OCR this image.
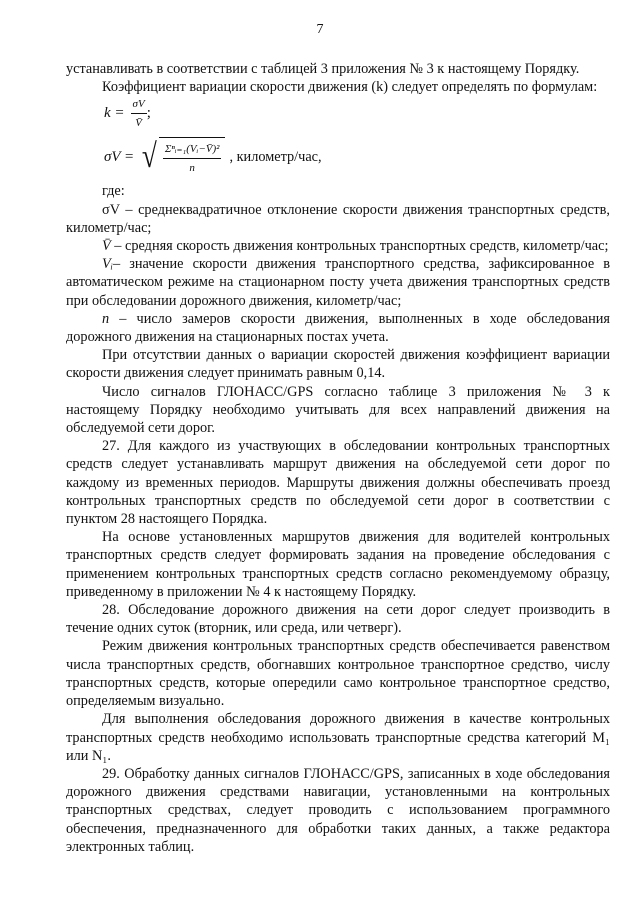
7

устанавливать в соответствии с таблицей 3 приложения № 3 к настоящему Порядку.

Коэффициент вариации скорости движения (k) следует определять по формулам:

$k = \frac{\sigma V}{V̄}$ ;
σV = √ $\frac{\text{Σⁿᵢ₌₁(Vᵢ−V̄)²}}{n}$ , километр/час,

где:

σV – среднеквадратичное отклонение скорости движения транспортных средств, километр/час;

V̄ – средняя скорость движения контрольных транспортных средств, километр/час;

Vᵢ– значение скорости движения транспортного средства, зафиксированное в автоматическом режиме на стационарном посту учета движения транспортных средств при обследовании дорожного движения, километр/час;

n – число замеров скорости движения, выполненных в ходе обследования дорожного движения на стационарных постах учета.

При отсутствии данных о вариации скоростей движения коэффициент вариации скорости движения следует принимать равным 0,14.

Число сигналов ГЛОНАСС/GPS согласно таблице 3 приложения № 3 к настоящему Порядку необходимо учитывать для всех направлений движения на обследуемой сети дорог.

27. Для каждого из участвующих в обследовании контрольных транспортных средств следует устанавливать маршрут движения на обследуемой сети дорог по каждому из временных периодов. Маршруты движения должны обеспечивать проезд контрольных транспортных средств по обследуемой сети дорог в соответствии с пунктом 28 настоящего Порядка.

На основе установленных маршрутов движения для водителей контрольных транспортных средств следует формировать задания на проведение обследования с применением контрольных транспортных средств согласно рекомендуемому образцу, приведенному в приложении № 4 к настоящему Порядку.

28. Обследование дорожного движения на сети дорог следует производить в течение одних суток (вторник, или среда, или четверг).

Режим движения контрольных транспортных средств обеспечивается равенством числа транспортных средств, обогнавших контрольное транспортное средство, числу транспортных средств, которые опередили само контрольное транспортное средство, определяемым визуально.

Для выполнения обследования дорожного движения в качестве контрольных транспортных средств необходимо использовать транспортные средства категорий M₁ или N₁.

29. Обработку данных сигналов ГЛОНАСС/GPS, записанных в ходе обследования дорожного движения средствами навигации, установленными на контрольных транспортных средствах, следует проводить с использованием программного обеспечения, предназначенного для обработки таких данных, а также редактора электронных таблиц.
